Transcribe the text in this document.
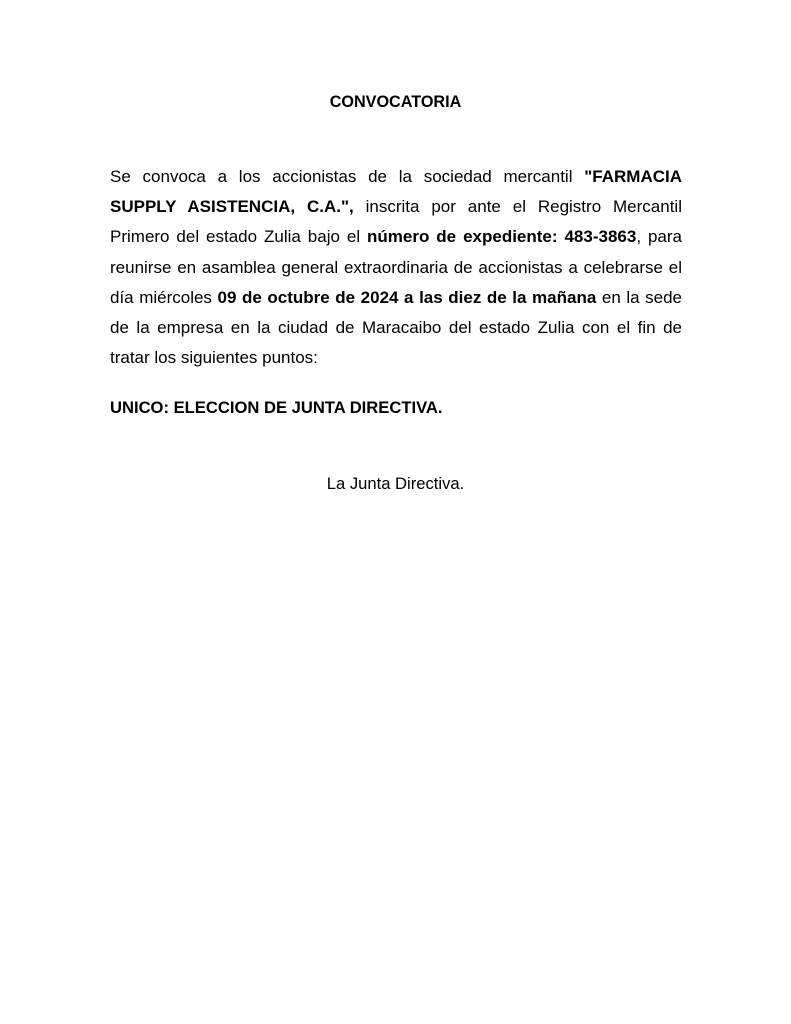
CONVOCATORIA

Se convoca a los accionistas de la sociedad mercantil "FARMACIA SUPPLY ASISTENCIA, C.A.", inscrita por ante el Registro Mercantil Primero del estado Zulia bajo el número de expediente: 483-3863, para reunirse en asamblea general extraordinaria de accionistas a celebrarse el día miércoles 09 de octubre de 2024 a las diez de la mañana en la sede de la empresa en la ciudad de Maracaibo del estado Zulia con el fin de tratar los siguientes puntos:

UNICO: ELECCION DE JUNTA DIRECTIVA.

La Junta Directiva.
